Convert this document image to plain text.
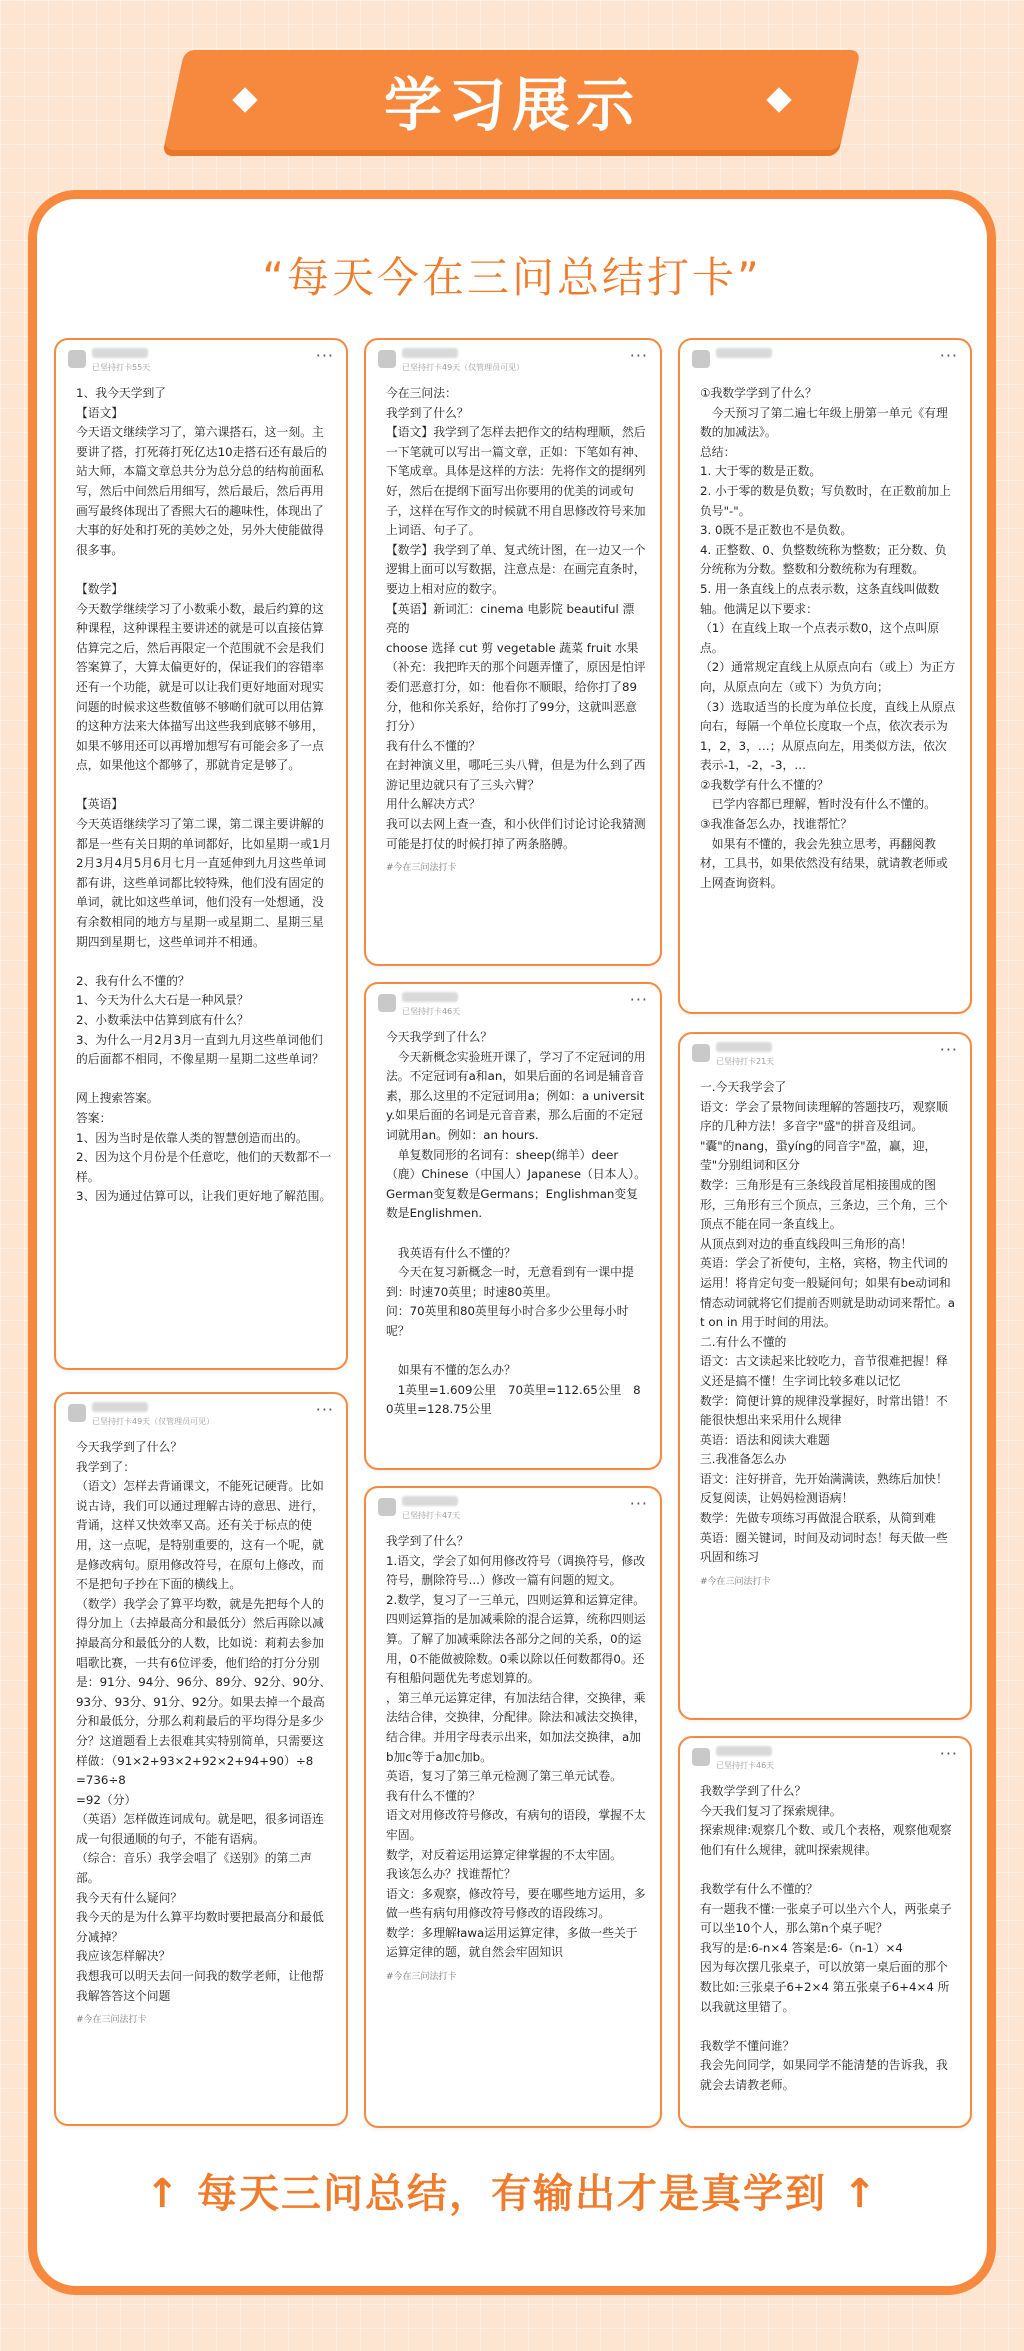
学习展示
“每天今在三问总结打卡”
已坚持打卡55天
···
1、我今天学到了
【语文】
今天语文继续学习了，第六课搭石，这一刻。主要讲了搭，打死蒋打死亿达10走搭石还有最后的站大师，本篇文章总共分为总分总的结构前面私写，然后中间然后用细写，然后最后，然后再用画写最终体现出了香熙大石的趣味性，体现出了大事的好处和打死的美妙之处，另外大使能做得很多事。

【数学】
今天数学继续学习了小数乘小数，最后约算的这种课程，这种课程主要讲述的就是可以直接估算估算完之后，然后再限定一个范围就不会是我们答案算了，大算太偏更好的，保证我们的容错率还有一个功能，就是可以让我们更好地面对现实问题的时候求这些数值够不够啲们就可以用估算的这种方法来大体描写出这些我到底够不够用，如果不够用还可以再增加想写有可能会多了一点点，如果他这个都够了，那就肯定是够了。

【英语】
今天英语继续学习了第二课，第二课主要讲解的都是一些有关日期的单词都好，比如星期一或1月2月3月4月5月6月七月一直延伸到九月这些单词都有讲，这些单词都比较特殊，他们没有固定的单词，就比如这些单词，他们没有一处想通，没有余数相同的地方与星期一或星期二、星期三星期四到星期七，这些单词并不相通。

2、我有什么不懂的？
1、今天为什么大石是一种风景？
2、小数乘法中估算到底有什么？
3、为什么一月2月3月一直到九月这些单词他们的后面都不相同，不像星期一星期二这些单词？

网上搜索答案。
答案：
1、因为当时是依靠人类的智慧创造而出的。
2、因为这个月份是个任意吃，他们的天数都不一样。
3、因为通过估算可以，让我们更好地了解范围。
已坚持打卡49天（仅管理员可见）
···
今天我学到了什么？
我学到了：
（语文）怎样去背诵课文，不能死记硬背。比如说古诗，我们可以通过理解古诗的意思、进行，背诵，这样又快效率又高。还有关于标点的使用，这一点呢，是特别重要的，这有一个呢，就是修改病句。原用修改符号，在原句上修改，而不是把句子抄在下面的横线上。
（数学）我学会了算平均数，就是先把每个人的得分加上（去掉最高分和最低分）然后再除以减掉最高分和最低分的人数，比如说：莉莉去参加唱歌比赛，一共有6位评委，他们给的打分分别是：91分、94分、96分、89分、92分、90分、93分、93分、91分、92分。如果去掉一个最高分和最低分，分那么莉莉最后的平均得分是多少分？这道题看上去很难其实特别简单，只需要这样做：（91×2+93×2+92×2+94+90）÷8
=736÷8
=92（分）
（英语）怎样做连词成句。就是吧，很多词语连成一句很通顺的句子，不能有语病。
（综合：音乐）我学会唱了《送别》的第二声部。
我今天有什么疑问？
我今天的是为什么算平均数时要把最高分和最低分减掉？
我应该怎样解决？
我想我可以明天去问一问我的数学老师，让他帮我解答答这个问题
#今在三问法打卡
已坚持打卡49天（仅管理员可见）
···
今在三问法：
我学到了什么？
【语文】我学到了怎样去把作文的结构理顺，然后一下笔就可以写出一篇文章，正如：下笔如有神、下笔成章。具体是这样的方法：先将作文的提纲列好，然后在提纲下面写出你要用的优美的词或句子，这样在写作文的时候就不用自思修改符号来加上词语、句子了。
【数学】我学到了单、复式统计图，在一边又一个逻辑上面可以写数据，注意点是：在画完直条时，要边上相对应的数字。
【英语】新词汇：cinema 电影院 beautiful 漂亮的
choose 选择 cut 剪 vegetable 蔬菜 fruit 水果
（补充：我把昨天的那个问题弄懂了，原因是怕评委们恶意打分，如：他看你不顺眼，给你打了89分，他和你关系好，给你打了99分，这就叫恶意打分）
我有什么不懂的？
在封神演义里，哪吒三头八臂，但是为什么到了西游记里边就只有了三头六臂？
用什么解决方式？
我可以去网上查一查，和小伙伴们讨论讨论我猜测可能是打仗的时候打掉了两条胳膊。
#今在三问法打卡
已坚持打卡46天
···
今天我学到了什么？
　今天新概念实验班开课了，学习了不定冠词的用法。不定冠词有a和an，如果后面的名词是辅音音素，那么这里的不定冠词用a；例如：a university.如果后面的名词是元音音素，那么后面的不定冠词就用an。例如：an hours.
　单复数同形的名词有：sheep(绵羊）deer（鹿）Chinese（中国人）Japanese（日本人）。German变复数是Germans；Englishman变复数是Englishmen.

　我英语有什么不懂的？
　今天在复习新概念一时，无意看到有一课中提到：时速70英里；时速80英里。
问：70英里和80英里每小时合多少公里每小时呢？

　如果有不懂的怎么办？
　1英里=1.609公里　70英里=112.65公里　80英里=128.75公里
已坚持打卡47天
···
我学到了什么？
1.语文，学会了如何用修改符号（调换符号，修改符号，删除符号...）修改一篇有问题的短文。
2.数学，复习了一三单元，四则运算和运算定律。四则运算指的是加减乘除的混合运算，统称四则运算。了解了加减乘除法各部分之间的关系，0的运用，0不能做被除数。0乘以除以任何数都得0。还有租船问题优先考虑划算的。
，第三单元运算定律，有加法结合律，交换律，乘法结合律，交换律，分配律。除法和减法交换律，结合律。并用字母表示出来，如加法交换律，a加b加c等于a加c加b。
英语，复习了第三单元检测了第三单元试卷。
我有什么不懂的？
语文对用修改符号修改，有病句的语段，掌握不太牢固。
数学，对反着运用运算定律掌握的不太牢固。
我该怎么办？找谁帮忙？
语文：多观察，修改符号，要在哪些地方运用，多做一些有病句用修改符号修改的语段练习。
数学：多理解ława运用运算定律，多做一些关于运算定律的题，就自然会牢固知识
#今在三问法打卡
···
①我数学学到了什么？
　今天预习了第二遍七年级上册第一单元《有理数的加减法》。
总结：
1. 大于零的数是正数。
2. 小于零的数是负数；写负数时，在正数前加上负号"-"。
3. 0既不是正数也不是负数。
4. 正整数、0、负整数统称为整数；正分数、负分统称为分数。整数和分数统称为有理数。
5. 用一条直线上的点表示数，这条直线叫做数轴。他满足以下要求：
（1）在直线上取一个点表示数0，这个点叫原点。
（2）通常规定直线上从原点向右（或上）为正方向，从原点向左（或下）为负方向；
（3）选取适当的长度为单位长度，直线上从原点向右，每隔一个单位长度取一个点，依次表示为1，2，3，…；从原点向左，用类似方法，依次表示-1，-2，-3，…
②我数学有什么不懂的？
　已学内容都已理解，暂时没有什么不懂的。
③我准备怎么办，找谁帮忙？
　如果有不懂的，我会先独立思考，再翻阅教材，工具书，如果依然没有结果，就请教老师或上网查询资料。
已坚持打卡21天
···
一.今天我学会了
语文：学会了景物间读理解的答题技巧，观察顺序的几种方法！多音字"盛"的拼音及组词。
"囊"的nang，蛩yíng的同音字"盈，赢，迎，莹"分别组词和区分
数学：三角形是有三条线段首尾相接围成的图形，三角形有三个顶点，三条边，三个角，三个顶点不能在同一条直线上。
从顶点到对边的垂直线段叫三角形的高！
英语：学会了祈使句，主格，宾格，物主代词的运用！将肯定句变一般疑问句；如果有be动词和情态动词就将它们提前否则就是助动词来帮忙。at on in 用于时间的用法。
二.有什么不懂的
语文：古文读起来比较吃力，音节很难把握！释义还是搞不懂！生字词比较多难以记忆
数学：简便计算的规律没掌握好，时常出错！不能很快想出来采用什么规律
英语：语法和阅读大难题
三.我准备怎么办
语文：注好拼音，先开始满满读，熟练后加快！反复阅读，让妈妈检测语病！
数学：先做专项练习再做混合联系，从简到难
英语：圈关键词，时间及动词时态！每天做一些巩固和练习
#今在三问法打卡
已坚持打卡46天
···
我数学学到了什么？
今天我们复习了探索规律。
探索规律:观察几个数、或几个表格，观察他观察他们有什么规律，就叫探索规律。

我数学有什么不懂的？
有一题我不懂:一张桌子可以坐六个人，两张桌子可以坐10个人，那么第n个桌子呢？
我写的是:6-n×4 答案是:6-（n-1）×4
因为每次摆几张桌子，可以放第一桌后面的那个数比如:三张桌子6+2×4 第五张桌子6+4×4 所以我就这里错了。

我数学不懂问谁？
我会先问同学，如果同学不能清楚的告诉我，我就会去请教老师。
↑ 每天三问总结，有输出才是真学到 ↑
